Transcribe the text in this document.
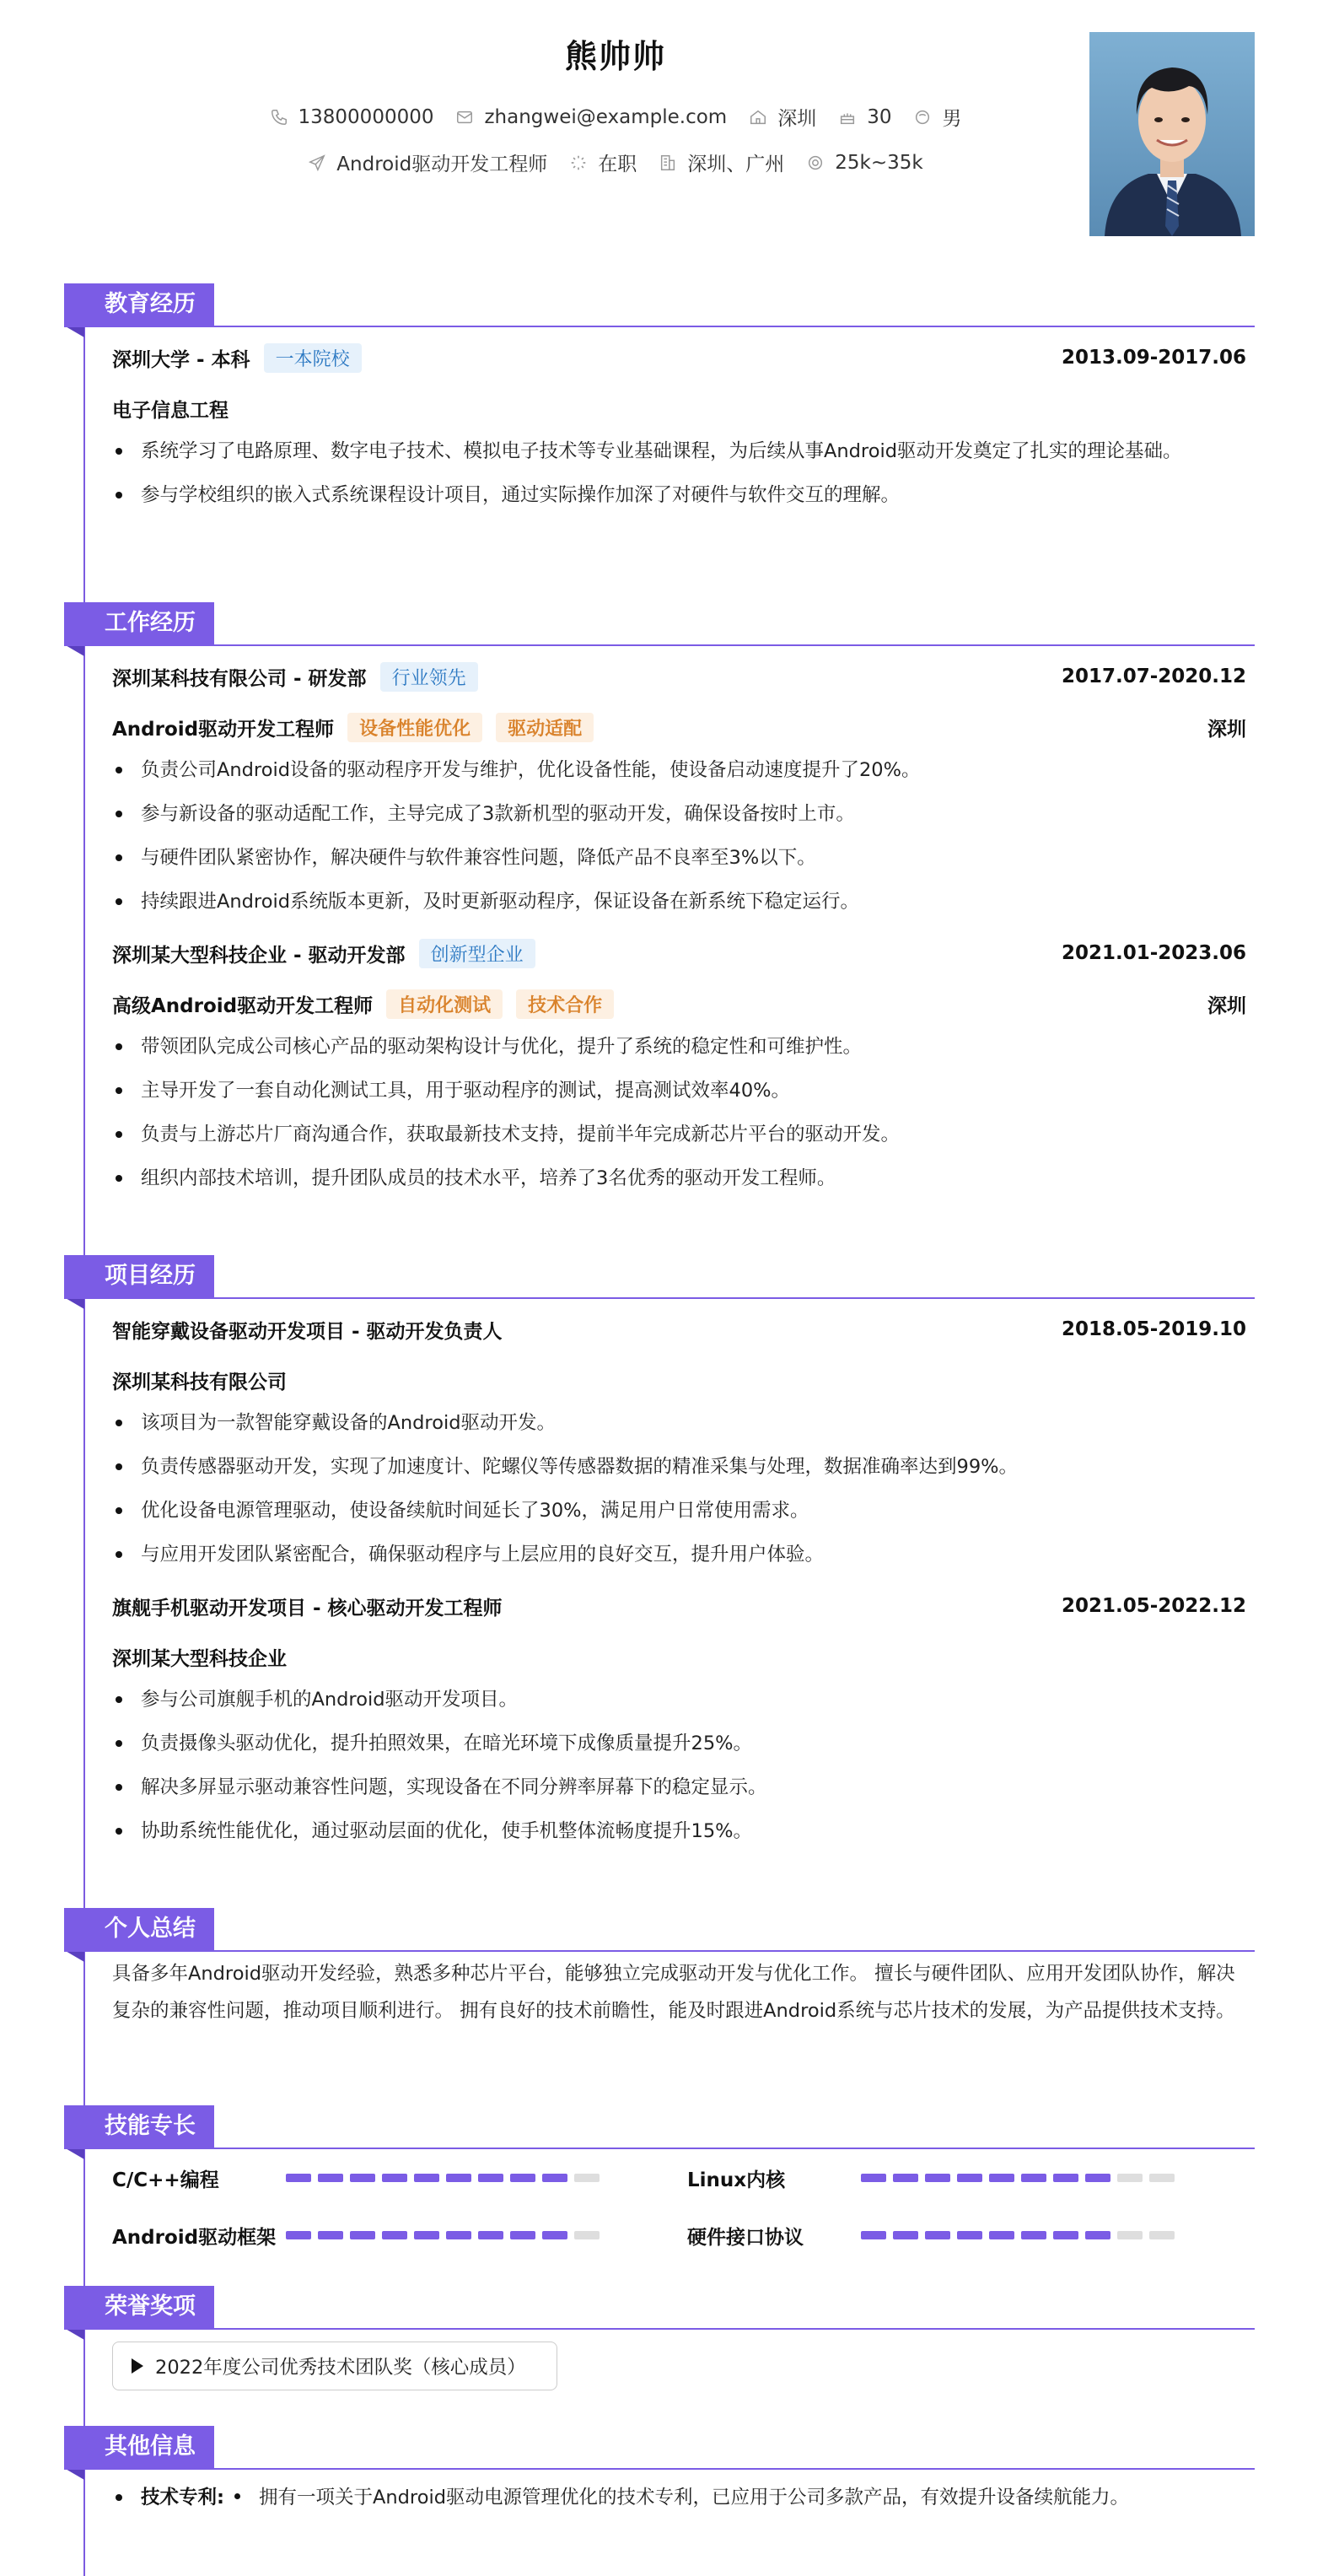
熊帅帅
13800000000	zhangwei@example.com	深圳	30	男
Android驱动开发工程师	在职	深圳、广州	25k~35k
教育经历
深圳大学 - 本科	一本院校	2013.09-2017.06
电子信息工程
系统学习了电路原理、数字电子技术、模拟电子技术等专业基础课程，为后续从事Android驱动开发奠定了扎实的理论基础。
参与学校组织的嵌入式系统课程设计项目，通过实际操作加深了对硬件与软件交互的理解。
工作经历
深圳某科技有限公司 - 研发部	行业领先	2017.07-2020.12
Android驱动开发工程师	设备性能优化	驱动适配	深圳
负责公司Android设备的驱动程序开发与维护，优化设备性能，使设备启动速度提升了20%。
参与新设备的驱动适配工作，主导完成了3款新机型的驱动开发，确保设备按时上市。
与硬件团队紧密协作，解决硬件与软件兼容性问题，降低产品不良率至3%以下。
持续跟进Android系统版本更新，及时更新驱动程序，保证设备在新系统下稳定运行。
深圳某大型科技企业 - 驱动开发部	创新型企业	2021.01-2023.06
高级Android驱动开发工程师	自动化测试	技术合作	深圳
带领团队完成公司核心产品的驱动架构设计与优化，提升了系统的稳定性和可维护性。
主导开发了一套自动化测试工具，用于驱动程序的测试，提高测试效率40%。
负责与上游芯片厂商沟通合作，获取最新技术支持，提前半年完成新芯片平台的驱动开发。
组织内部技术培训，提升团队成员的技术水平，培养了3名优秀的驱动开发工程师。
项目经历
智能穿戴设备驱动开发项目 - 驱动开发负责人	2018.05-2019.10
深圳某科技有限公司
该项目为一款智能穿戴设备的Android驱动开发。
负责传感器驱动开发，实现了加速度计、陀螺仪等传感器数据的精准采集与处理，数据准确率达到99%。
优化设备电源管理驱动，使设备续航时间延长了30%，满足用户日常使用需求。
与应用开发团队紧密配合，确保驱动程序与上层应用的良好交互，提升用户体验。
旗舰手机驱动开发项目 - 核心驱动开发工程师	2021.05-2022.12
深圳某大型科技企业
参与公司旗舰手机的Android驱动开发项目。
负责摄像头驱动优化，提升拍照效果，在暗光环境下成像质量提升25%。
解决多屏显示驱动兼容性问题，实现设备在不同分辨率屏幕下的稳定显示。
协助系统性能优化，通过驱动层面的优化，使手机整体流畅度提升15%。
个人总结

具备多年Android驱动开发经验，熟悉多种芯片平台，能够独立完成驱动开发与优化工作。 擅长与硬件团队、应用开发团队协作，解决复杂的兼容性问题，推动项目顺利进行。 拥有良好的技术前瞻性，能及时跟进Android系统与芯片技术的发展，为产品提供技术支持。

技能专长
C/C++编程	Linux内核
Android驱动框架	硬件接口协议
荣誉奖项
2022年度公司优秀技术团队奖（核心成员）
其他信息
技术专利: 拥有一项关于Android驱动电源管理优化的技术专利，已应用于公司多款产品，有效提升设备续航能力。
